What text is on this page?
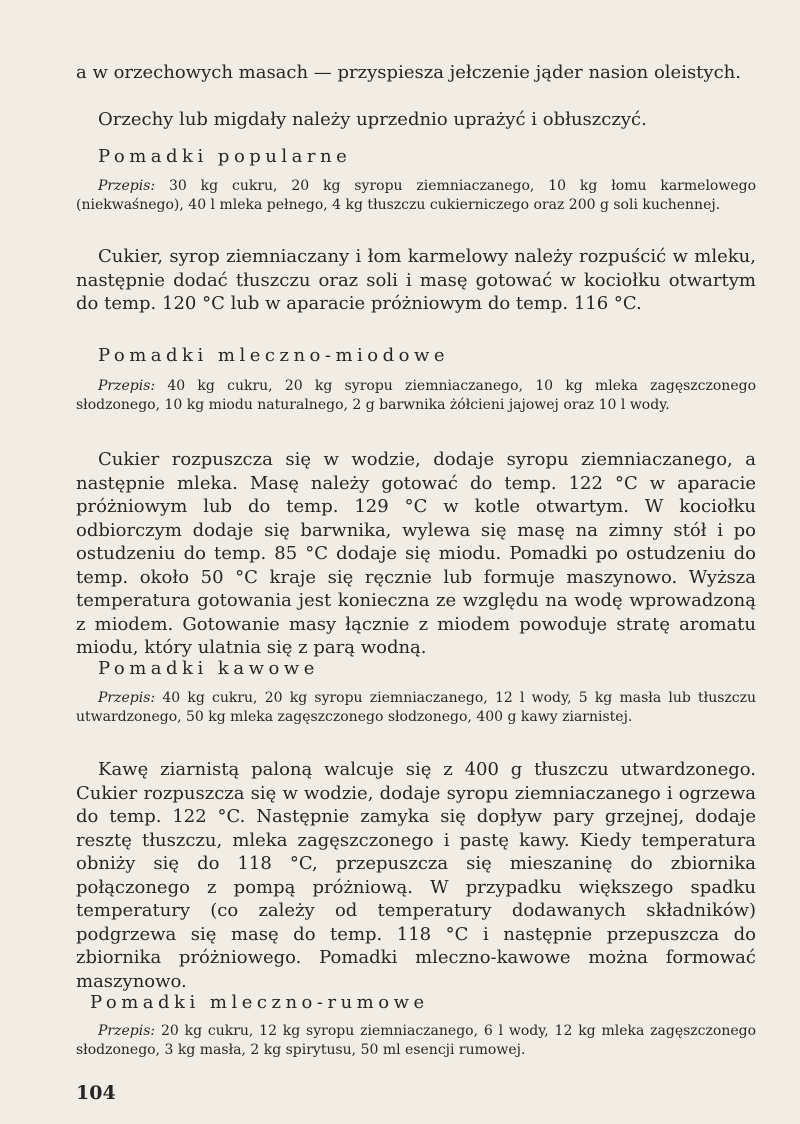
a w orzechowych masach — przyspiesza jełczenie jąder nasion oleistych.

Orzechy lub migdały należy uprzednio uprażyć i obłuszczyć.

Pomadki popularne

Przepis: 30 kg cukru, 20 kg syropu ziemniaczanego, 10 kg łomu karmelowego (niekwaśnego), 40 l mleka pełnego, 4 kg tłuszczu cukierniczego oraz 200 g soli kuchennej.

Cukier, syrop ziemniaczany i łom karmelowy należy rozpuścić w mleku, następnie dodać tłuszczu oraz soli i masę gotować w kociołku otwartym do temp. 120 °C lub w aparacie próżniowym do temp. 116 °C.

Pomadki mleczno-miodowe

Przepis: 40 kg cukru, 20 kg syropu ziemniaczanego, 10 kg mleka zagęszczonego słodzonego, 10 kg miodu naturalnego, 2 g barwnika żółcieni jajowej oraz 10 l wody.

Cukier rozpuszcza się w wodzie, dodaje syropu ziemniaczanego, a następnie mleka. Masę należy gotować do temp. 122 °C w aparacie próżniowym lub do temp. 129 °C w kotle otwartym. W kociołku odbiorczym dodaje się barwnika, wylewa się masę na zimny stół i po ostudzeniu do temp. 85 °C dodaje się miodu. Pomadki po ostudzeniu do temp. około 50 °C kraje się ręcznie lub formuje maszynowo. Wyższa temperatura gotowania jest konieczna ze względu na wodę wprowadzoną z miodem. Gotowanie masy łącznie z miodem powoduje stratę aromatu miodu, który ulatnia się z parą wodną.

Pomadki kawowe

Przepis: 40 kg cukru, 20 kg syropu ziemniaczanego, 12 l wody, 5 kg masła lub tłuszczu utwardzonego, 50 kg mleka zagęszczonego słodzonego, 400 g kawy ziarnistej.

Kawę ziarnistą paloną walcuje się z 400 g tłuszczu utwardzonego. Cukier rozpuszcza się w wodzie, dodaje syropu ziemniaczanego i ogrzewa do temp. 122 °C. Następnie zamyka się dopływ pary grzejnej, dodaje resztę tłuszczu, mleka zagęszczonego i pastę kawy. Kiedy temperatura obniży się do 118 °C, przepuszcza się mieszaninę do zbiornika połączonego z pompą próżniową. W przypadku większego spadku temperatury (co zależy od temperatury dodawanych składników) podgrzewa się masę do temp. 118 °C i następnie przepuszcza do zbiornika próżniowego. Pomadki mleczno-kawowe można formować maszynowo.

Pomadki mleczno-rumowe

Przepis: 20 kg cukru, 12 kg syropu ziemniaczanego, 6 l wody, 12 kg mleka zagęszczonego słodzonego, 3 kg masła, 2 kg spirytusu, 50 ml esencji rumowej.

104
